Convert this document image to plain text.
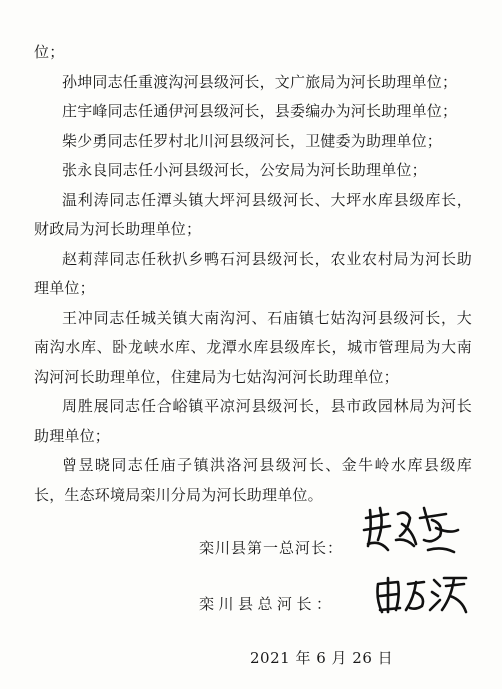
位；

孙坤同志任重渡沟河县级河长，文广旅局为河长助理单位；

庄宇峰同志任通伊河县级河长，县委编办为河长助理单位；

柴少勇同志任罗村北川河县级河长，卫健委为助理单位；

张永良同志任小河县级河长，公安局为河长助理单位；

温利涛同志任潭头镇大坪河县级河长、大坪水库县级库长，财政局为河长助理单位；

赵莉萍同志任秋扒乡鸭石河县级河长，农业农村局为河长助理单位；

王冲同志任城关镇大南沟河、石庙镇七姑沟河县级河长，大南沟水库、卧龙峡水库、龙潭水库县级库长，城市管理局为大南沟河河长助理单位，住建局为七姑沟河河长助理单位；

周胜展同志任合峪镇平凉河县级河长，县市政园林局为河长助理单位；

曾昱晓同志任庙子镇洪洛河县级河长、金牛岭水库县级库长，生态环境局栾川分局为河长助理单位。

栾川县第一总河长：
栾川县总河长：
2021 年 6 月 26 日
